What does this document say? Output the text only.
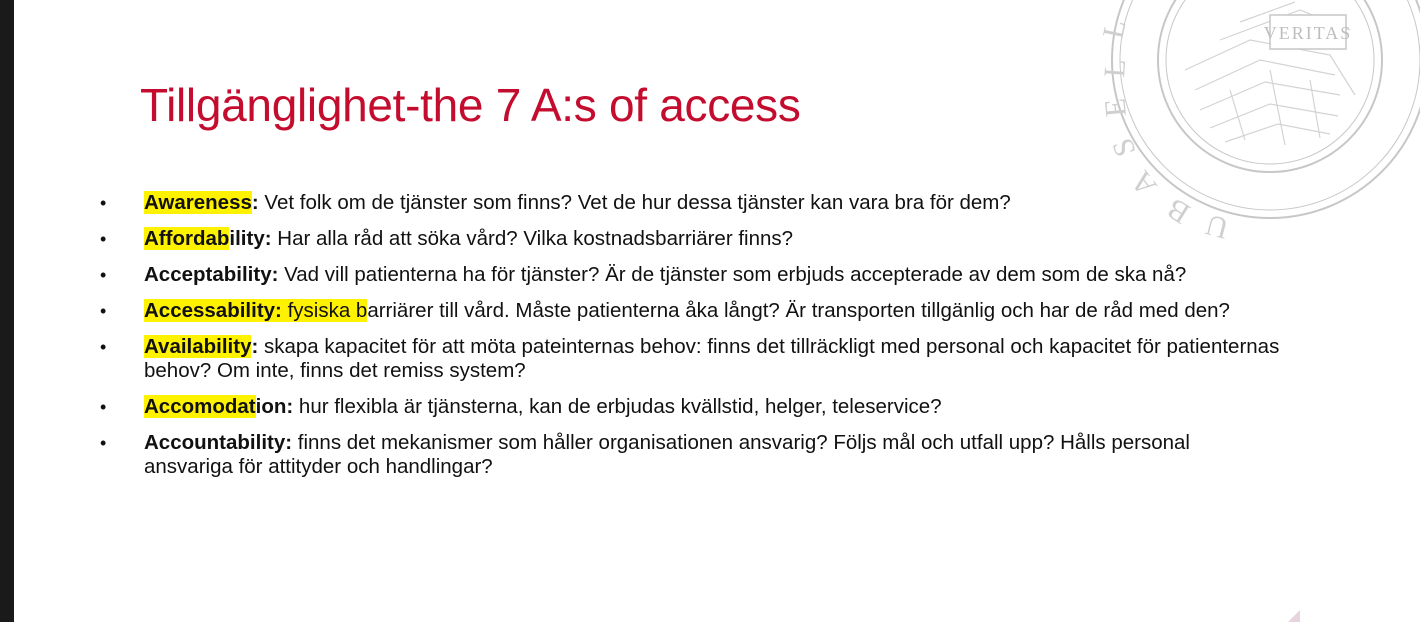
VERITAS
L
L
E
S
A
B U
Tillgänglighet-the 7 A:s of access
•	Awareness: Vet folk om de tjänster som finns? Vet de hur dessa tjänster kan vara bra för dem?
•	Affordability: Har alla råd att söka vård? Vilka kostnadsbarriärer finns?
•	Acceptability: Vad vill patienterna ha för tjänster? Är de tjänster som erbjuds accepterade av dem som de ska nå?
•	Accessability: fysiska barriärer till vård. Måste patienterna åka långt? Är transporten tillgänlig och har de råd med den?
•	Availability: skapa kapacitet för att möta pateinternas behov: finns det tillräckligt med personal och kapacitet för patienternas behov? Om inte, finns det remiss system?
•	Accomodation: hur flexibla är tjänsterna, kan de erbjudas kvällstid, helger, teleservice?
•	Accountability: finns det mekanismer som håller organisationen ansvarig? Följs mål och utfall upp? Hålls personal ansvariga för attityder och handlingar?
